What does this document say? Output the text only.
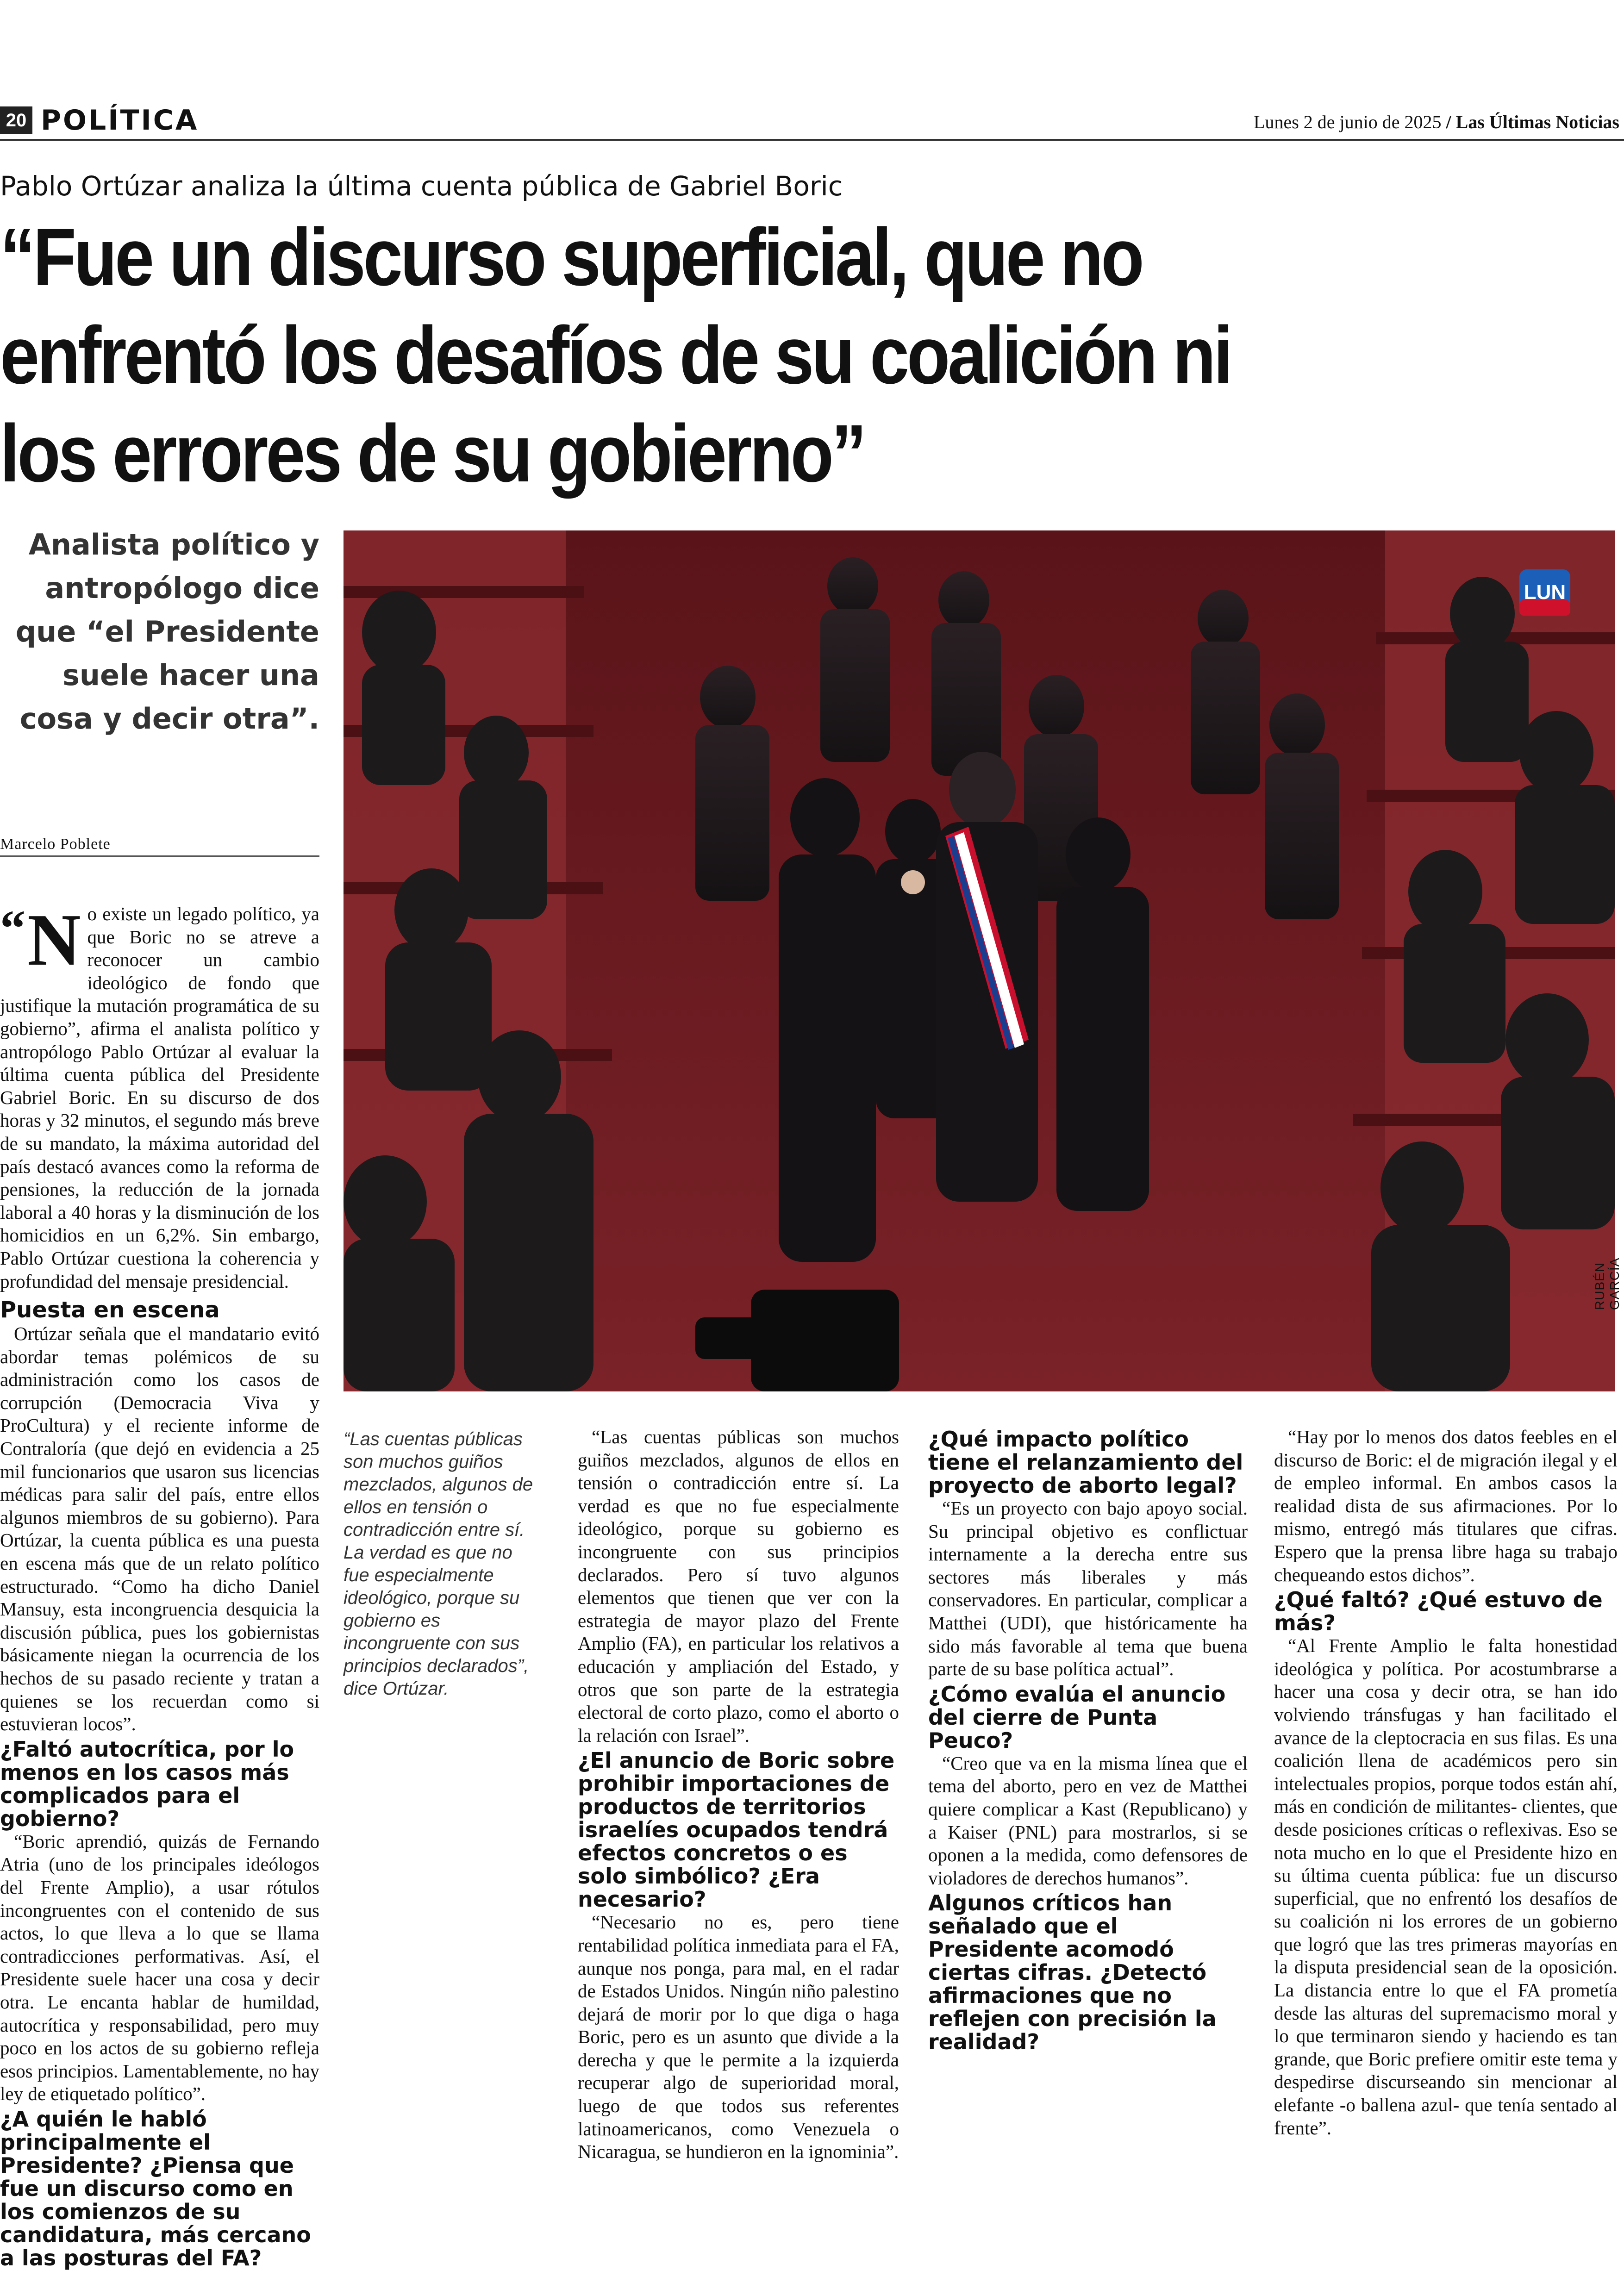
20 POLÍTICA	Lunes 2 de junio de 2025 / Las Últimas Noticias
Pablo Ortúzar analiza la última cuenta pública de Gabriel Boric
“Fue un discurso superficial, que no enfrentó los desafíos de su coalición ni los errores de su gobierno”
Analista político y antropólogo dice que “el Presidente suele hacer una cosa y decir otra”.
Marcelo Poblete
LUN
RUBÉN GARCÍA

“ N o existe un legado político, ya que Boric no se atreve a reconocer un cambio ideológico de fondo que justifique la mutación programática de su gobierno”, afirma el analista político y antropólogo Pablo Ortúzar al evaluar la última cuenta pública del Presidente Gabriel Boric. En su discurso de dos horas y 32 minutos, el segundo más breve de su mandato, la máxima autoridad del país destacó avances como la reforma de pensiones, la reducción de la jornada laboral a 40 horas y la disminución de los homicidios en un 6,2%. Sin embargo, Pablo Ortúzar cuestiona la coherencia y profundidad del mensaje presidencial.

Puesta en escena

Ortúzar señala que el mandatario evitó abordar temas polémicos de su administración como los casos de corrupción (Democracia Viva y ProCultura) y el reciente informe de Contraloría (que dejó en evidencia a 25 mil funcionarios que usaron sus licencias médicas para salir del país, entre ellos algunos miembros de su gobierno). Para Ortúzar, la cuenta pública es una puesta en escena más que de un relato político estructurado. “Como ha dicho Daniel Mansuy, esta incongruencia desquicia la discusión pública, pues los gobiernistas básicamente niegan la ocurrencia de los hechos de su pasado reciente y tratan a quienes se los recuerdan como si estuvieran locos”.

¿Faltó autocrítica, por lo menos en los casos más complicados para el gobierno?

“Boric aprendió, quizás de Fernando Atria (uno de los principales ideólogos del Frente Amplio), a usar rótulos incongruentes con el contenido de sus actos, lo que lleva a lo que se llama contradicciones performativas. Así, el Presidente suele hacer una cosa y decir otra. Le encanta hablar de humildad, autocrítica y responsabilidad, pero muy poco en los actos de su gobierno refleja esos principios. Lamentablemente, no hay ley de etiquetado político”.

¿A quién le habló principalmente el Presidente? ¿Piensa que fue un discurso como en los comienzos de su candidatura, más cercano a las posturas del FA?
“Las cuentas públicas son muchos guiños mezclados, algunos de ellos en tensión o contradicción entre sí. La verdad es que no fue especialmente ideológico, porque su gobierno es incongruente con sus principios declarados”, dice Ortúzar.

“Las cuentas públicas son muchos guiños mezclados, algunos de ellos en tensión o contradicción entre sí. La verdad es que no fue especialmente ideológico, porque su gobierno es incongruente con sus principios declarados. Pero sí tuvo algunos elementos que tienen que ver con la estrategia de mayor plazo del Frente Amplio (FA), en particular los relativos a educación y ampliación del Estado, y otros que son parte de la estrategia electoral de corto plazo, como el aborto o la relación con Israel”.

¿El anuncio de Boric sobre prohibir importaciones de productos de territorios israelíes ocupados tendrá efectos concretos o es solo simbólico? ¿Era necesario?

“Necesario no es, pero tiene rentabilidad política inmediata para el FA, aunque nos ponga, para mal, en el radar de Estados Unidos. Ningún niño palestino dejará de morir por lo que diga o haga Boric, pero es un asunto que divide a la derecha y que le permite a la izquierda recuperar algo de superioridad moral, luego de que todos sus referentes latinoamericanos, como Venezuela o Nicaragua, se hundieron en la ignominia”.

¿Qué impacto político tiene el relanzamiento del proyecto de aborto legal?

“Es un proyecto con bajo apoyo social. Su principal objetivo es conflictuar internamente a la derecha entre sus sectores más liberales y más conservadores. En particular, complicar a Matthei (UDI), que históricamente ha sido más favorable al tema que buena parte de su base política actual”.

¿Cómo evalúa el anuncio del cierre de Punta Peuco?

“Creo que va en la misma línea que el tema del aborto, pero en vez de Matthei quiere complicar a Kast (Republicano) y a Kaiser (PNL) para mostrarlos, si se oponen a la medida, como defensores de violadores de derechos humanos”.

Algunos críticos han señalado que el Presidente acomodó ciertas cifras. ¿Detectó afirmaciones que no reflejen con precisión la realidad?

“Hay por lo menos dos datos feebles en el discurso de Boric: el de migración ilegal y el de empleo informal. En ambos casos la realidad dista de sus afirmaciones. Por lo mismo, entregó más titulares que cifras. Espero que la prensa libre haga su trabajo chequeando estos dichos”.

¿Qué faltó? ¿Qué estuvo de más?

“Al Frente Amplio le falta honestidad ideológica y política. Por acostumbrarse a hacer una cosa y decir otra, se han ido volviendo tránsfugas y han facilitado el avance de la cleptocracia en sus filas. Es una coalición llena de académicos pero sin intelectuales propios, porque todos están ahí, más en condición de militantes- clientes, que desde posiciones críticas o reflexivas. Eso se nota mucho en lo que el Presidente hizo en su última cuenta pública: fue un discurso superficial, que no enfrentó los desafíos de su coalición ni los errores de un gobierno que logró que las tres primeras mayorías en la disputa presidencial sean de la oposición. La distancia entre lo que el FA prometía desde las alturas del supremacismo moral y lo que terminaron siendo y haciendo es tan grande, que Boric prefiere omitir este tema y despedirse discurseando sin mencionar al elefante -o ballena azul- que tenía sentado al frente”.
